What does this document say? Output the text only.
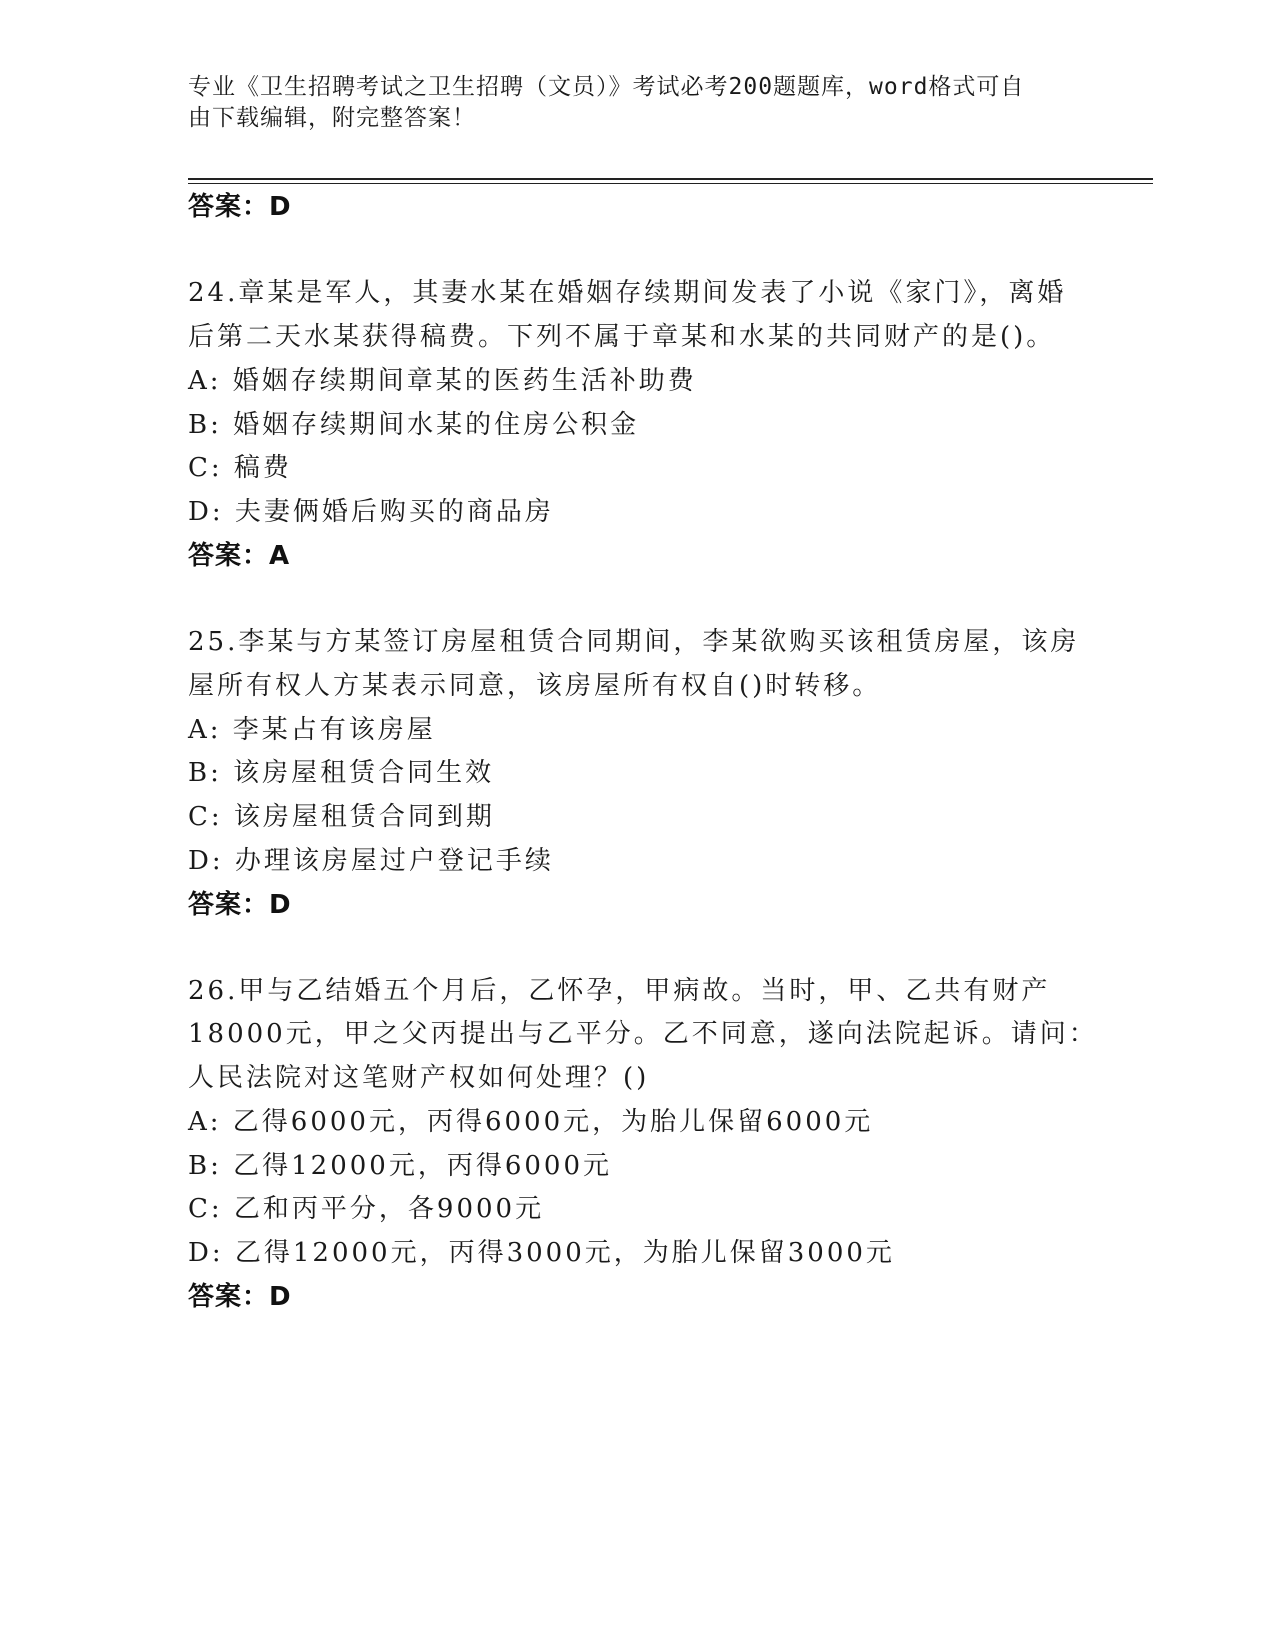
专业《卫生招聘考试之卫生招聘（文员）》考试必考200题题库，word格式可自
由下载编辑，附完整答案！
答案：D
24.章某是军人，其妻水某在婚姻存续期间发表了小说《家门》，离婚
后第二天水某获得稿费。下列不属于章某和水某的共同财产的是()。
A: 婚姻存续期间章某的医药生活补助费
B: 婚姻存续期间水某的住房公积金
C: 稿费
D: 夫妻俩婚后购买的商品房
答案：A
25.李某与方某签订房屋租赁合同期间，李某欲购买该租赁房屋，该房
屋所有权人方某表示同意，该房屋所有权自()时转移。
A: 李某占有该房屋
B: 该房屋租赁合同生效
C: 该房屋租赁合同到期
D: 办理该房屋过户登记手续
答案：D
26.甲与乙结婚五个月后，乙怀孕，甲病故。当时，甲、乙共有财产
18000元，甲之父丙提出与乙平分。乙不同意，遂向法院起诉。请问：
人民法院对这笔财产权如何处理？()
A: 乙得6000元，丙得6000元，为胎儿保留6000元
B: 乙得12000元，丙得6000元
C: 乙和丙平分，各9000元
D: 乙得12000元，丙得3000元，为胎儿保留3000元
答案：D
